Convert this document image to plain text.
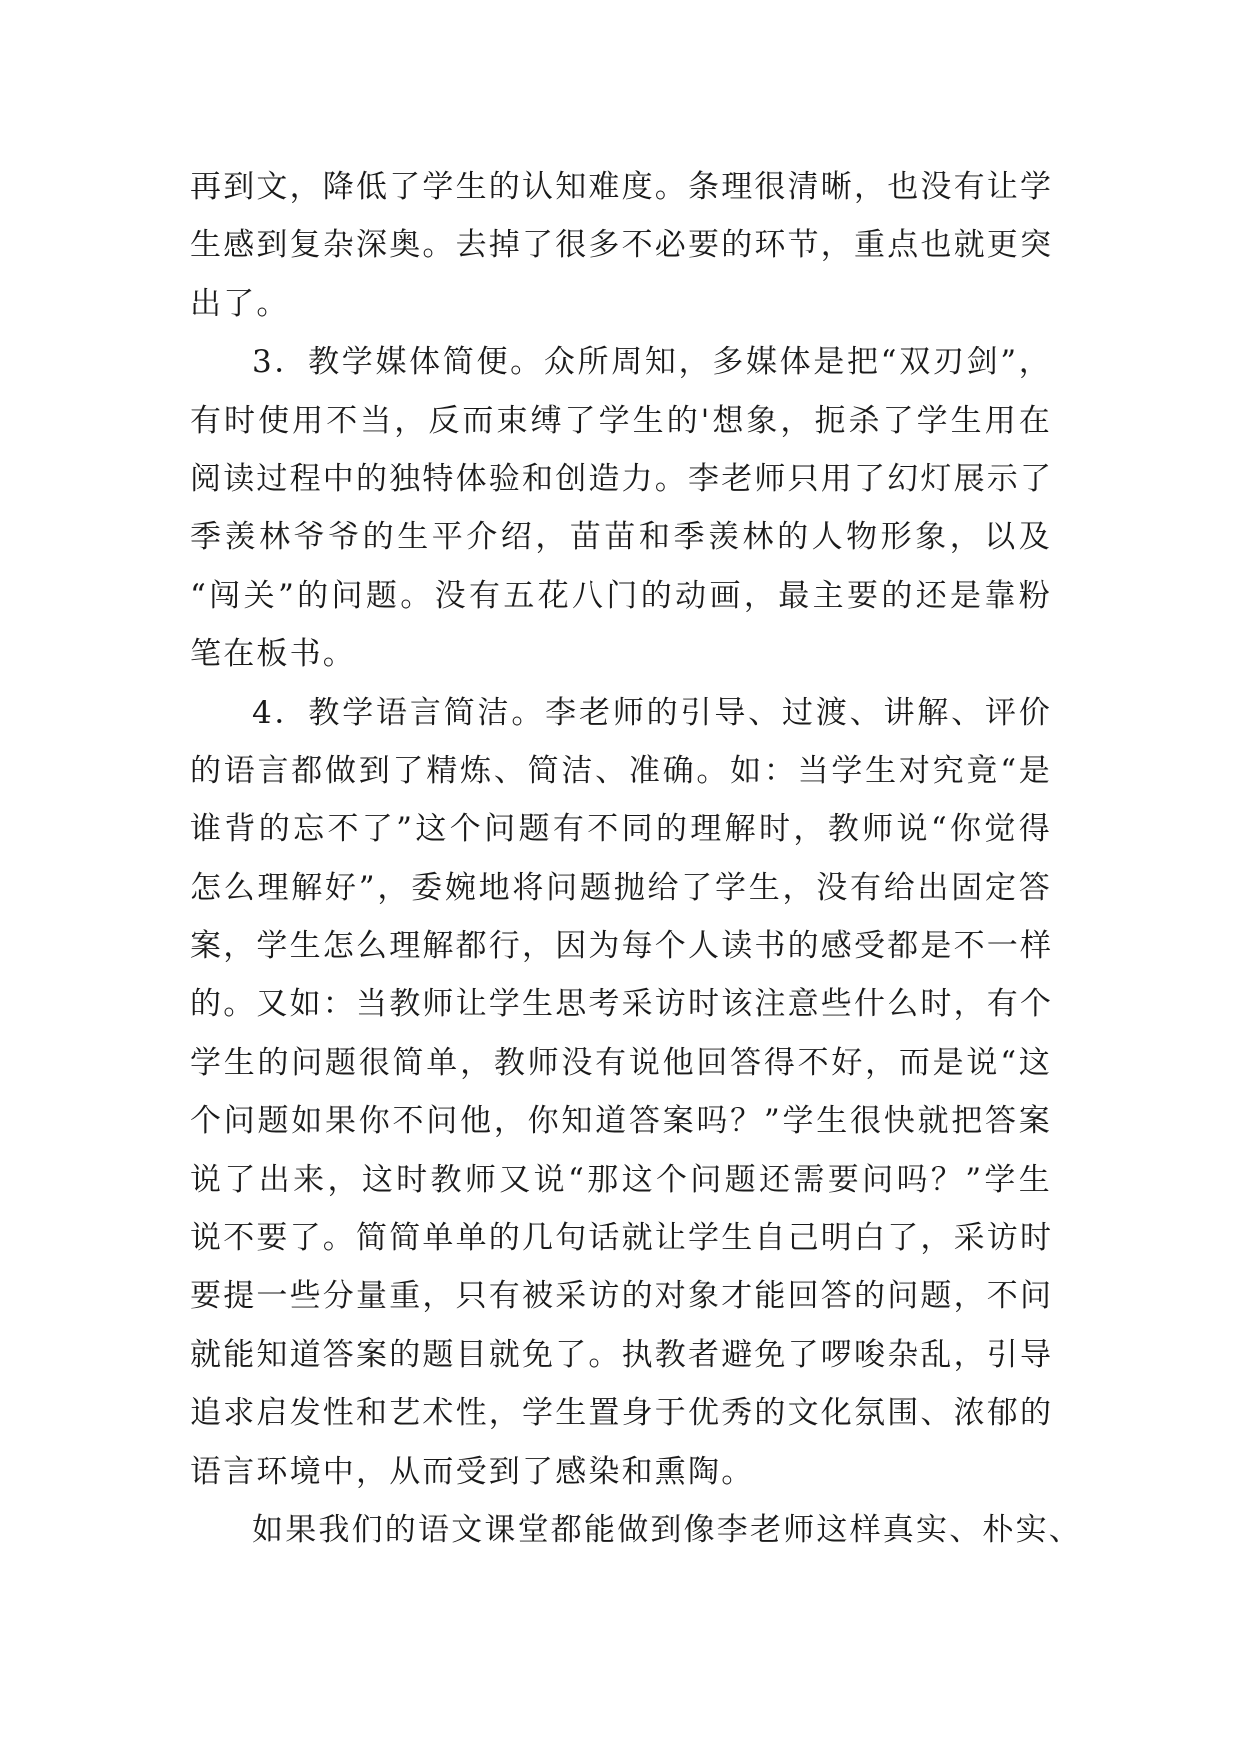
再到文，降低了学生的认知难度。条理很清晰，也没有让学
生感到复杂深奥。去掉了很多不必要的环节，重点也就更突
出了。
3．教学媒体简便。众所周知，多媒体是把“双刃剑”，
有时使用不当，反而束缚了学生的'想象，扼杀了学生用在
阅读过程中的独特体验和创造力。李老师只用了幻灯展示了
季羡林爷爷的生平介绍，苗苗和季羡林的人物形象，以及
“闯关”的问题。没有五花八门的动画，最主要的还是靠粉
笔在板书。
4．教学语言简洁。李老师的引导、过渡、讲解、评价
的语言都做到了精炼、简洁、准确。如：当学生对究竟“是
谁背的忘不了”这个问题有不同的理解时，教师说“你觉得
怎么理解好”，委婉地将问题抛给了学生，没有给出固定答
案，学生怎么理解都行，因为每个人读书的感受都是不一样
的。又如：当教师让学生思考采访时该注意些什么时，有个
学生的问题很简单，教师没有说他回答得不好，而是说“这
个问题如果你不问他，你知道答案吗？”学生很快就把答案
说了出来，这时教师又说“那这个问题还需要问吗？”学生
说不要了。简简单单的几句话就让学生自己明白了，采访时
要提一些分量重，只有被采访的对象才能回答的问题，不问
就能知道答案的题目就免了。执教者避免了啰唆杂乱，引导
追求启发性和艺术性，学生置身于优秀的文化氛围、浓郁的
语言环境中，从而受到了感染和熏陶。
如果我们的语文课堂都能做到像李老师这样真实、朴实、
